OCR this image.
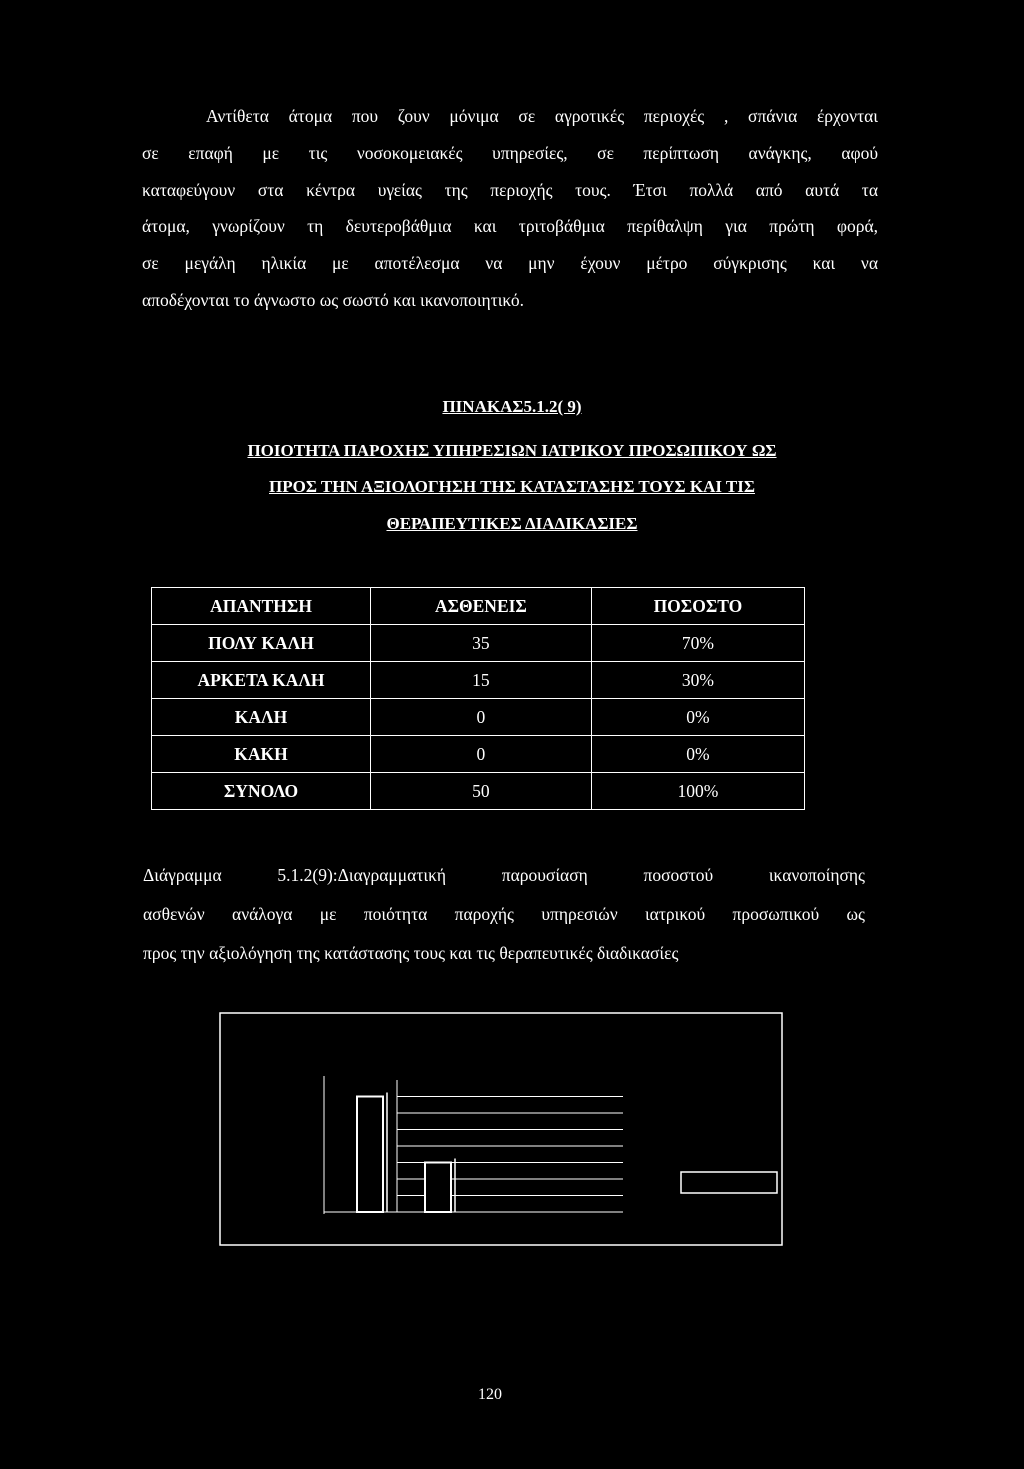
Αντίθετα άτομα που ζουν μόνιμα σε αγροτικές περιοχές , σπάνια έρχονται
σε επαφή με τις νοσοκομειακές υπηρεσίες, σε περίπτωση ανάγκης, αφού
καταφεύγουν στα κέντρα υγείας της περιοχής τους. Έτσι πολλά από αυτά τα
άτομα, γνωρίζουν τη δευτεροβάθμια και τριτοβάθμια περίθαλψη για πρώτη φορά,
σε μεγάλη ηλικία με αποτέλεσμα να μην έχουν μέτρο σύγκρισης και να
αποδέχονται το άγνωστο ως σωστό και ικανοποιητικό.

ΠΙΝΑΚΑΣ5.1.2( 9)

ΠΟΙΟΤΗΤΑ ΠΑΡΟΧΗΣ ΥΠΗΡΕΣΙΩΝ ΙΑΤΡΙΚΟΥ ΠΡΟΣΩΠΙΚΟΥ ΩΣ

ΠΡΟΣ ΤΗΝ ΑΞΙΟΛΟΓΗΣΗ ΤΗΣ ΚΑΤΑΣΤΑΣΗΣ ΤΟΥΣ ΚΑΙ ΤΙΣ

ΘΕΡΑΠΕΥΤΙΚΕΣ ΔΙΑΔΙΚΑΣΙΕΣ

ΑΠΑΝΤΗΣΗ	ΑΣΘΕΝΕΙΣ	ΠΟΣΟΣΤΟ
ΠΟΛΥ ΚΑΛΗ	35	70%
ΑΡΚΕΤΑ ΚΑΛΗ	15	30%
ΚΑΛΗ	0	0%
ΚΑΚΗ	0	0%
ΣΥΝΟΛΟ	50	100%
Διάγραμμα 5.1.2(9):Διαγραμματική παρουσίαση ποσοστού ικανοποίησης
ασθενών ανάλογα με ποιότητα παροχής υπηρεσιών ιατρικού προσωπικού ως
προς την αξιολόγηση της κατάστασης τους και τις θεραπευτικές διαδικασίες

120
